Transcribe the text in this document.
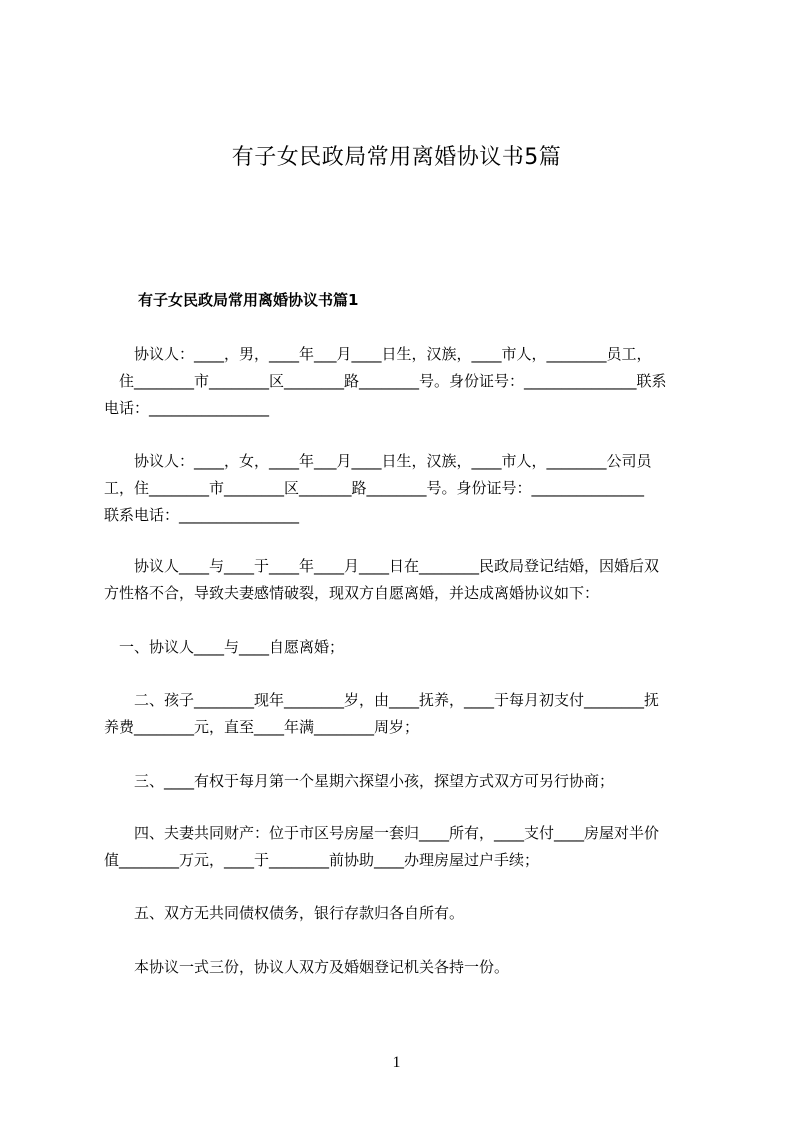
有子女民政局常用离婚协议书5篇
有子女民政局常用离婚协议书篇1
　　协议人：____，男，____年___月____日生，汉族，____市人，________员工，
　住________市________区________路________号。身份证号：_______________联系
电话：________________
　　协议人：____，女，____年___月____日生，汉族，____市人，________公司员
工，住________市________区_______路________号。身份证号：_______________
联系电话：________________
　　协议人____与____于____年____月____日在________民政局登记结婚，因婚后双
方性格不合，导致夫妻感情破裂，现双方自愿离婚，并达成离婚协议如下：
　一、协议人____与____自愿离婚；
　　二、孩子________现年________岁，由____抚养，____于每月初支付________抚
养费________元，直至____年满________周岁；
　　三、____有权于每月第一个星期六探望小孩，探望方式双方可另行协商；
　　四、夫妻共同财产：位于市区号房屋一套归____所有，____支付____房屋对半价
值________万元，____于________前协助____办理房屋过户手续；
　　五、双方无共同债权债务，银行存款归各自所有。
　　本协议一式三份，协议人双方及婚姻登记机关各持一份。
1
